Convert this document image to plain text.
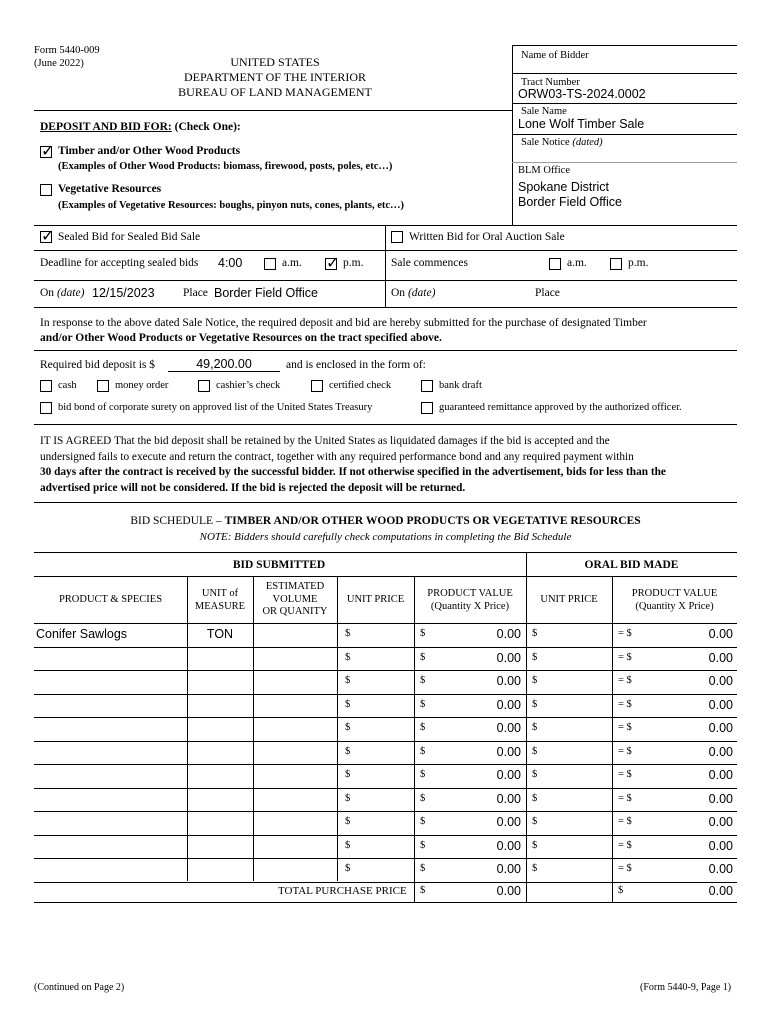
Form 5440-009
(June 2022)	UNITED STATES
DEPARTMENT OF THE INTERIOR
BUREAU OF LAND MANAGEMENT
Name of Bidder
Tract Number
ORW03-TS-2024.0002
Sale Name
Lone Wolf Timber Sale
Sale Notice (dated)
BLM Office
Spokane District
Border Field Office
DEPOSIT AND BID FOR: (Check One):
✓
Timber and/or Other Wood Products
(Examples of Other Wood Products: biomass, firewood, posts, poles, etc…)
Vegetative Resources
(Examples of Vegetative Resources: boughs, pinyon nuts, cones, plants, etc…)
✓
Sealed Bid for Sealed Bid Sale	Written Bid for Oral Auction Sale
Deadline for accepting sealed bids 4:00	a.m.
✓	p.m. Sale commences	a.m.	p.m.
On (date) 12/15/2023 Place Border Field Office	On (date)	Place
In response to the above dated Sale Notice, the required deposit and bid are hereby submitted for the purchase of designated Timber
and/or Other Wood Products or Vegetative Resources on the tract specified above.
Required bid deposit is $	49,200.00	and is enclosed in the form of:
cash	money order	cashier’s check	certified check	bank draft
bid bond of corporate surety on approved list of the United States Treasury	guaranteed remittance approved by the authorized officer.
IT IS AGREED That the bid deposit shall be retained by the United States as liquidated damages if the bid is accepted and the
undersigned fails to execute and return the contract, together with any required performance bond and any required payment within
30 days after the contract is received by the successful bidder. If not otherwise specified in the advertisement, bids for less than the
advertised price will not be considered. If the bid is rejected the deposit will be returned.
BID SCHEDULE – TIMBER AND/OR OTHER WOOD PRODUCTS OR VEGETATIVE RESOURCES
NOTE: Bidders should carefully check computations in completing the Bid Schedule
BID SUBMITTED	ORAL BID MADE
PRODUCT & SPECIES
UNIT of
MEASURE
ESTIMATED
VOLUME
OR QUANITY
UNIT PRICE
PRODUCT VALUE
(Quantity X Price)
UNIT PRICE
PRODUCT VALUE
(Quantity X Price)
Conifer Sawlogs	TON	$	$	0.00 $	= $	0.00
$	$	0.00 $	= $	0.00
$	$	0.00 $	= $	0.00
$	$	0.00 $	= $	0.00
$	$	0.00 $	= $	0.00
$	$	0.00 $	= $	0.00
$	$	0.00 $	= $	0.00
$	$	0.00 $	= $	0.00
$	$	0.00 $	= $	0.00
$	$	0.00 $	= $	0.00
$	$	0.00 $	= $	0.00
TOTAL PURCHASE PRICE $	0.00	$	0.00
(Continued on Page 2)	(Form 5440-9, Page 1)
